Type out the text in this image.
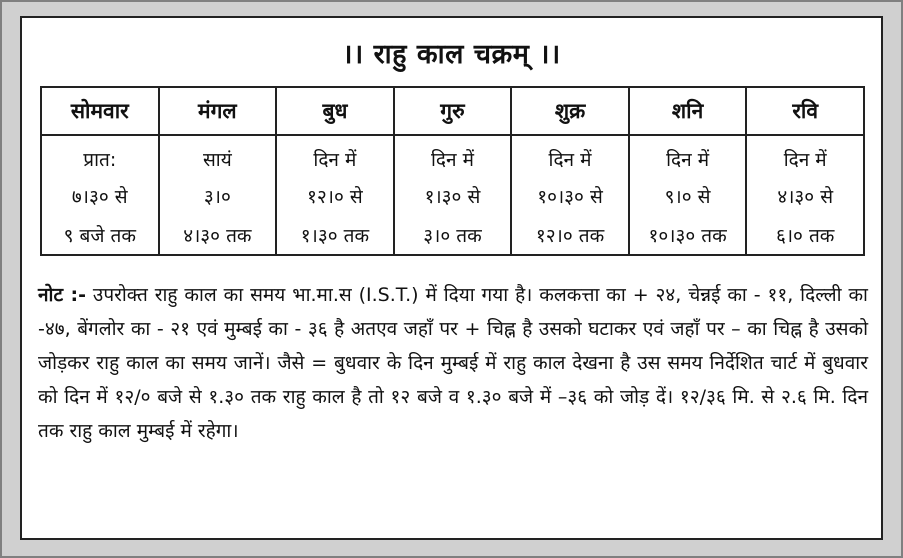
।। राहु काल चक्रम् ।।
सोमवार	मंगल	बुध	गुरु	शुक्र	शनि	रवि
प्रात:	सायं	दिन में	दिन में	दिन में	दिन में	दिन में
७।३० से	३।०	१२।० से	१।३० से	१०।३० से	९।० से	४।३० से
९ बजे तक	४।३० तक	१।३० तक	३।० तक	१२।० तक	१०।३० तक	६।० तक
नोट :- उपरोक्त राहु काल का समय भा.मा.स (I.S.T.) में दिया गया है। कलकत्ता का + २४, चेन्नई का - ११, दिल्ली का -४७, बेंगलोर का - २१ एवं मुम्बई का - ३६ है अतएव जहाँ पर + चिह्न है उसको घटाकर एवं जहाँ पर – का चिह्न है उसको जोड़कर राहु काल का समय जानें। जैसे = बुधवार के दिन मुम्बई में राहु काल देखना है उस समय निर्देशित चार्ट में बुधवार को दिन में १२/० बजे से १.३० तक राहु काल है तो १२ बजे व १.३० बजे में –३६ को जोड़ दें। १२/३६ मि. से २.६ मि. दिन तक राहु काल मुम्बई में रहेगा।
